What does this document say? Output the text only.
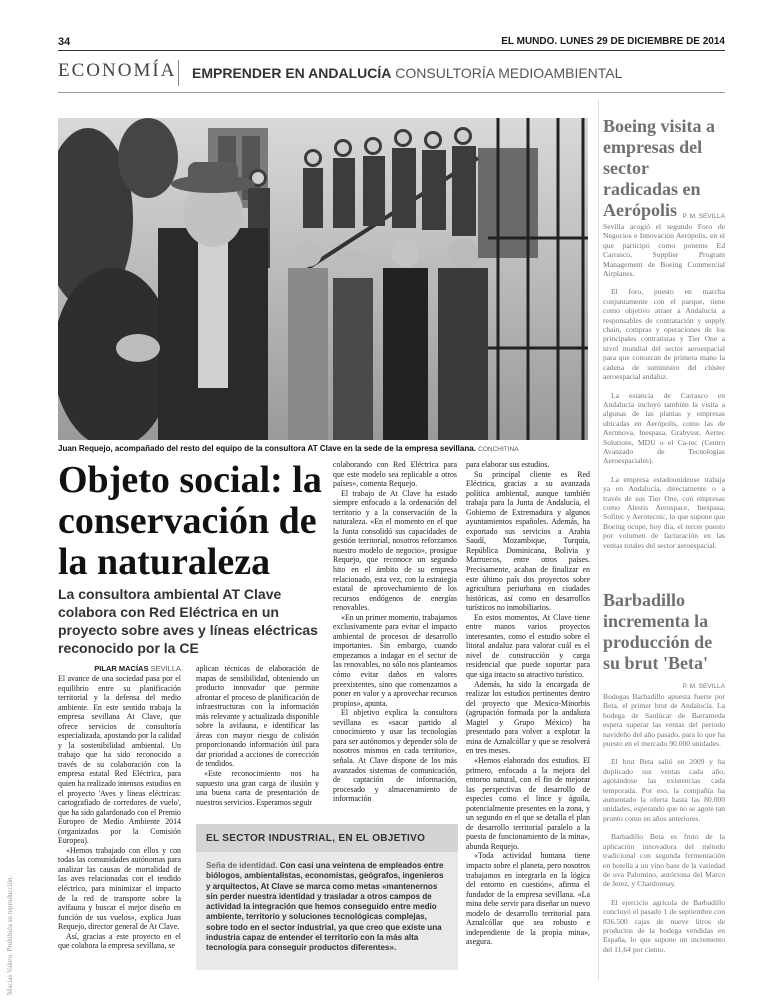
34	EL MUNDO. LUNES 29 DE DICIEMBRE DE 2014
ECONOMÍA EMPRENDER EN ANDALUCÍA CONSULTORÍA MEDIOAMBIENTAL
Juan Requejo, acompañado del resto del equipo de la consultora AT Clave en la sede de la empresa sevillana. CONCHITINA
Objeto social: la conservación de la naturaleza
La consultora ambiental AT Clave colabora con Red Eléctrica en un proyecto sobre aves y líneas eléctricas reconocido por la CE
PILAR MACÍAS SEVILLA

El avance de una sociedad pasa por el equilibrio entre su planificación territorial y la defensa del medio ambiente. En este sentido trabaja la empresa sevillana At Clave, que ofrece servicios de consultoría especializada, apostando por la calidad y la sostenibilidad ambiental. Un trabajo que ha sido reconocido a través de su colaboración con la empresa estatal Red Eléctrica, para quien ha realizado intensos estudios en el proyecto 'Aves y líneas eléctricas: cartografiado de corredores de vuelo', que ha sido galardonado con el Premio Europeo de Medio Ambiente 2014 (organizados por la Comisión Europea).

«Hemos trabajado con ellos y con todas las comunidades autónomas para analizar las causas de mortalidad de las aves relacionadas con el tendido eléctrico, para minimizar el impacto de la red de transporte sobre la avifauna y buscar el mejor diseño en función de sus vuelos», explica Juan Requejo, director general de At Clave.

Así, gracias a este proyecto en el que colabora la empresa sevillana, se

aplican técnicas de elaboración de mapas de sensibilidad, obteniendo un producto innovador que permite afrontar el proceso de planificación de infraestructuras con la información más relevante y actualizada disponible sobre la avifauna, e identificar las áreas con mayor riesgo de colisión proporcionando información útil para dar prioridad a acciones de corrección de tendidos.

«Este reconocimiento nos ha supuesto una gran carga de ilusión y una buena carta de presentación de nuestros servicios. Esperamos seguir

colaborando con Red Eléctrica para que este modelo sea replicable a otros países», comenta Requejo.

El trabajo de At Clave ha estado siempre enfocado a la ordenación del territorio y a la conservación de la naturaleza. «En el momento en el que la Junta consolidó sus capacidades de gestión territorial, nosotros reforzamos nuestro modelo de negocio», prosigue Requejo, que reconoce un segundo hito en el ámbito de su empresa relacionado, esta vez, con la estrategia estatal de aprovechamiento de los recursos endógenos de energías renovables.

«En un primer momento, trabajamos exclusivamente para evitar el impacto ambiental de procesos de desarrollo importantes. Sin embargo, cuando empezamos a indagar en el sector de las renovables, no sólo nos planteamos cómo evitar daños en valores preexistentes, sino que comenzamos a poner en valor y a aprovechar recursos propios», apunta.

El objetivo explica la consultora sevillana es «sacar partido al conocimiento y usar las tecnologías para ser autónomos y depender sólo de nosotros mismos en cada territorio», señala. At Clave dispone de los más avanzados sistemas de comunicación, de captación de información, procesado y almacenamiento de información

para elaborar sus estudios.

Su principal cliente es Red Eléctrica, gracias a su avanzada política ambiental, aunque también trabaja para la Junta de Andalucía, el Gobierno de Extremadura y algunos ayuntamientos españoles. Además, ha exportado sus servicios a Arabia Saudí, Mozambique, Turquía, República Dominicana, Bolivia y Marruecos, entre otros países. Precisamente, acaban de finalizar en este último país dos proyectos sobre agricultura periurbana en ciudades históricas, así como en desarrollos turísticos no inmobiliarios.

En estos momentos, At Clave tiene entre manos varios proyectos interesantes, como el estudio sobre el litoral andaluz para valorar cuál es el nivel de construcción y carga residencial que puede soportar para que siga intacto su atractivo turístico.

Además, ha sido la encargada de realizar los estudios pertinentes dentro del proyecto que Mexico-Minorbis (agrupación formada por la andaluza Magtel y Grupo México) ha presentado para volver a explotar la mina de Aznalcóllar y que se resolverá en tres meses.

«Hemos elaborado dos estudios. El primero, enfocado a la mejora del entorno natural, con el fin de mejorar las perspectivas de desarrollo de especies como el lince y águila, potencialmente presentes en la zona, y un segundo en el que se detalla el plan de desarrollo territorial paralelo a la puesta de funcionamiento de la mina», abunda Requejo.

«Toda actividad humana tiene impacto sobre el planeta, pero nosotros trabajamos en integrarla en la lógica del entorno en cuestión», afirma el fundador de la empresa sevillana. «La mina debe servir para diseñar un nuevo modelo de desarrollo territorial para Aznalcóllar que sea robusto e independiente de la propia mina», asegura.

EL SECTOR INDUSTRIAL, EN EL OBJETIVO
Seña de identidad. Con casi una veintena de empleados entre biólogos, ambientalistas, economistas, geógrafos, ingenieros y arquitectos, At Clave se marca como metas «mantenernos sin perder nuestra identidad y trasladar a otros campos de actividad la integración que hemos conseguido entre medio ambiente, territorio y soluciones tecnológicas complejas, sobre todo en el sector industrial, ya que creo que existe una industria capaz de entender el territorio con la más alta tecnología para conseguir productos diferentes».
Boeing visita a empresas del sector radicadas en Aerópolis P. M. SEVILLA

Sevilla acogió el segundo Foro de Negocios e Innovación Aerópolis, en el que participó como ponente Ed Carrasco, Supplier Program Management de Boeing Commercial Airplanes.

El foro, puesto en marcha conjuntamente con el parque, tiene como objetivo atraer a Andalucía a responsables de contratación y supply chain, compras y operaciones de los principales contratistas y Tier One a nivel mundial del sector aeroespacial para que conozcan de primera mano la cadena de suministro del clúster aeroespacial andaluz.

La estancia de Carrasco en Andalucía incluyó también la visita a algunas de las plantas y empresas ubicadas en Aerópolis, como las de Aernnova, Inespasa, Grabysur, Aertec Solutions, MDU o el Ca-tec (Centro Avanzado de Tecnologías Aeroespaciales).

La empresa estadounidense trabaja ya en Andalucía, directamente o a través de sus Tier One, con empresas como Alestis Aerospace, Inespasa, Sofitec y Aerotecnic, lo que supone que Boeing ocupe, hoy día, el tercer puesto por volumen de facturación en las ventas totales del sector aeroespacial.

Barbadillo incrementa la producción de su brut 'Beta'
P. M. SEVILLA

Bodegas Barbadillo apuesta fuerte por Beta, el primer brut de Andalucía. La bodega de Sanlúcar de Barrameda espera superar las ventas del periodo navideño del año pasado, para lo que ha puesto en el mercado 90.000 unidades.

El brut Beta salió en 2009 y ha duplicado sus ventas cada año, agotándose las existencias cada temporada. Por eso, la compañía ha aumentado la oferta hasta las 80.000 unidades, esperando que no se agote tan pronto como en años anteriores.

Barbadillo Beta es fruto de la aplicación innovadora del método tradicional con segunda fermentación en botella a un vino base de la variedad de uva Palomino, autóctona del Marco de Jerez, y Chardonnay.

El ejercicio agrícola de Barbadillo concluyó el pasado 1 de septiembre con 836.500 cajas de nueve litros de productos de la bodega vendidas en España, lo que supone un incremento del 11,64 por ciento.

Macías Valero. Prohibida su reproducción.
